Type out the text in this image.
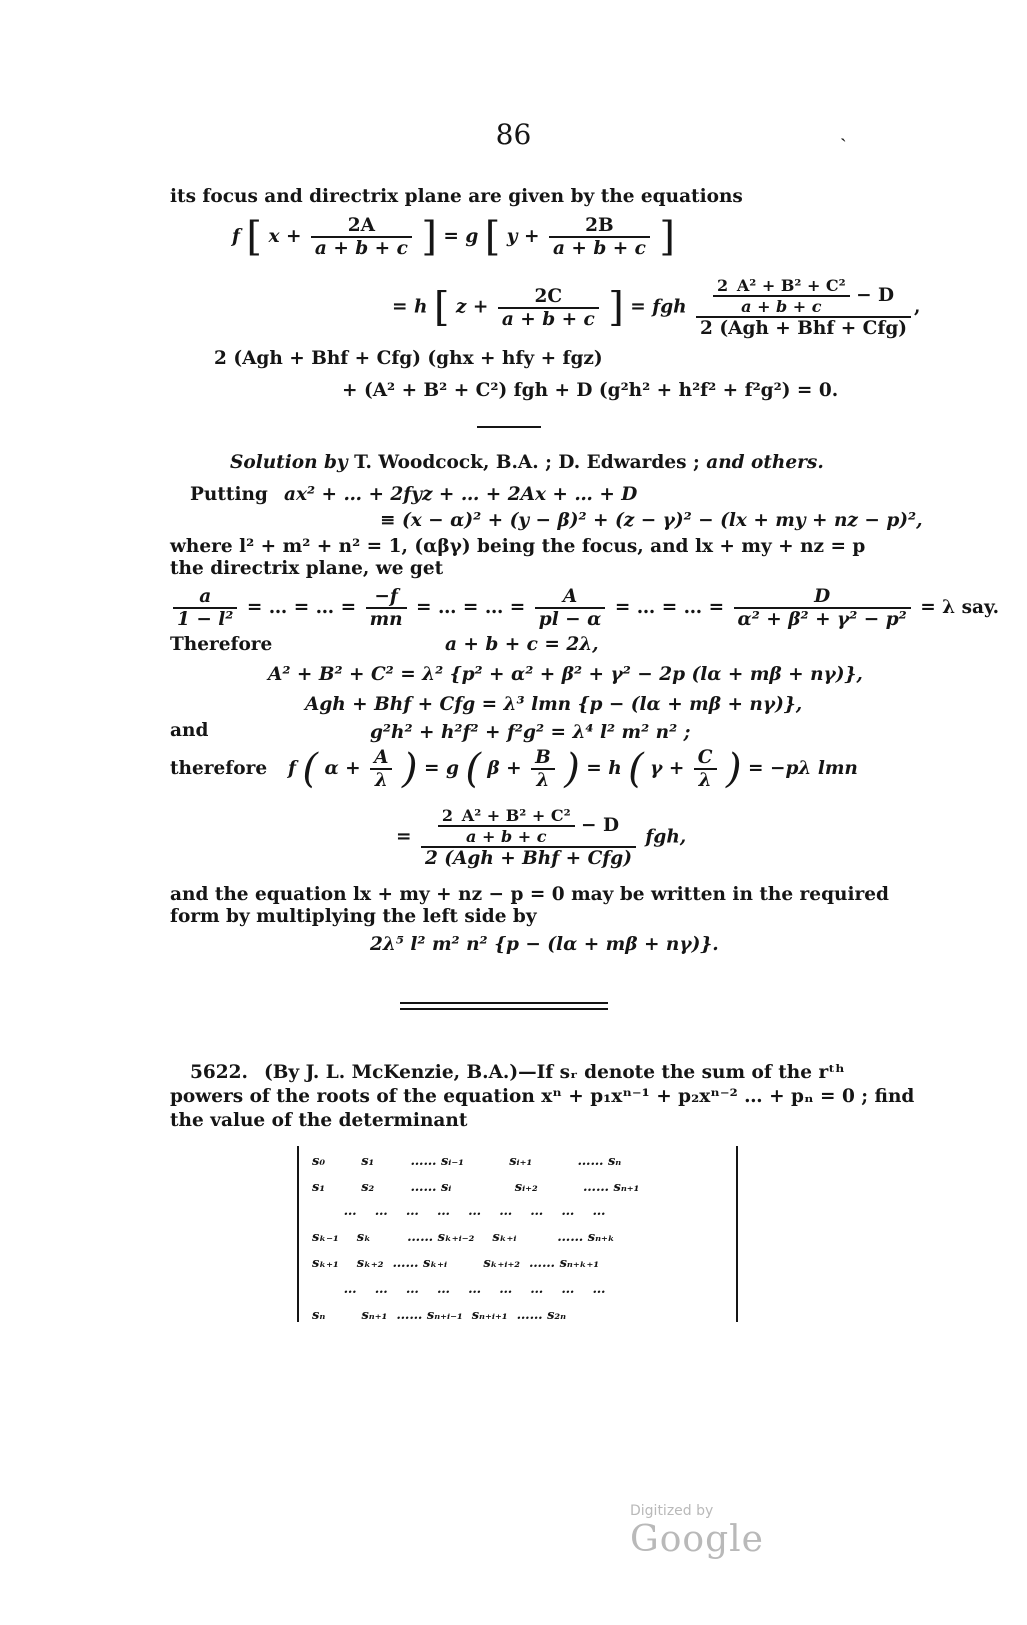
86	ˎ
its focus and directrix plane are given by the equations
f [ $x + \frac{2A}{a + b + c}$ ] = g [ $y + \frac{2B}{a + b + c}$ ]
= h [ $z + \frac{2C}{a + b + c}$ ] = fgh $\frac{\frac{\text{2  A² + B² + C²}}{a + b + c} - D}{\text{2 (Agh + Bhf + Cfg)}}$ ,
2 (Agh + Bhf + Cfg) (ghx + hfy + fgz)
+ (A² + B² + C²) fgh + D (g²h² + h²f² + f²g²) = 0.
Solution by T. Woodcock, B.A. ; D. Edwardes ; and others.
Putting ax² + … + 2fyz + … + 2Ax + … + D
≡ (x − α)² + (y − β)² + (z − γ)² − (lx + my + nz − p)²,
where l² + m² + n² = 1, (αβγ) being the focus, and lx + my + nz = p
the directrix plane, we get
$\frac{a}{\text{1 − l²}}$ = … = … = $\frac{-f}{mn}$ = … = … = $\frac{A}{pl - \alpha}$ = … = … = $\frac{D}{\text{α² + β² + γ² − p²}} = \lambda$ say.
Therefore	a + b + c = 2λ,
A² + B² + C² = λ² {p² + α² + β² + γ² − 2p (lα + mβ + nγ)},
Agh + Bhf + Cfg = λ³ lmn {p − (lα + mβ + nγ)},
and	g²h² + h²f² + f²g² = λ⁴ l² m² n² ;
therefore f ( $\alpha + \frac{A}{\lambda}$ ) = g ( $\beta + \frac{B}{\lambda}$ ) = h ( $\gamma + \frac{C}{\lambda}$ ) = −pλ lmn
= $\frac{\frac{\text{2  A² + B² + C²}}{a + b + c} - D}{\text{2 (Agh + Bhf + Cfg)}}$ fgh,
and the equation lx + my + nz − p = 0 may be written in the required
form by multiplying the left side by
2λ⁵ l² m² n² {p − (lα + mβ + nγ)}.
5622. (By J. L. McKenzie, B.A.)—If sᵣ denote the sum of the rᵗʰ
powers of the roots of the equation xⁿ + p₁xⁿ⁻¹ + p₂xⁿ⁻² … + pₙ = 0 ; find
the value of the determinant
s₀        s₁        …… sᵢ₋₁          sᵢ₊₁          …… sₙ
s₁        s₂        …… sᵢ              sᵢ₊₂          …… sₙ₊₁
…    …    …    …    …    …    …    …    …
sₖ₋₁    sₖ        …… sₖ₊ᵢ₋₂    sₖ₊ᵢ         …… sₙ₊ₖ
sₖ₊₁    sₖ₊₂  …… sₖ₊ᵢ        sₖ₊ᵢ₊₂  …… sₙ₊ₖ₊₁
…    …    …    …    …    …    …    …    …
sₙ        sₙ₊₁  …… sₙ₊ᵢ₋₁  sₙ₊ᵢ₊₁  …… s₂ₙ
Digitized by Google
